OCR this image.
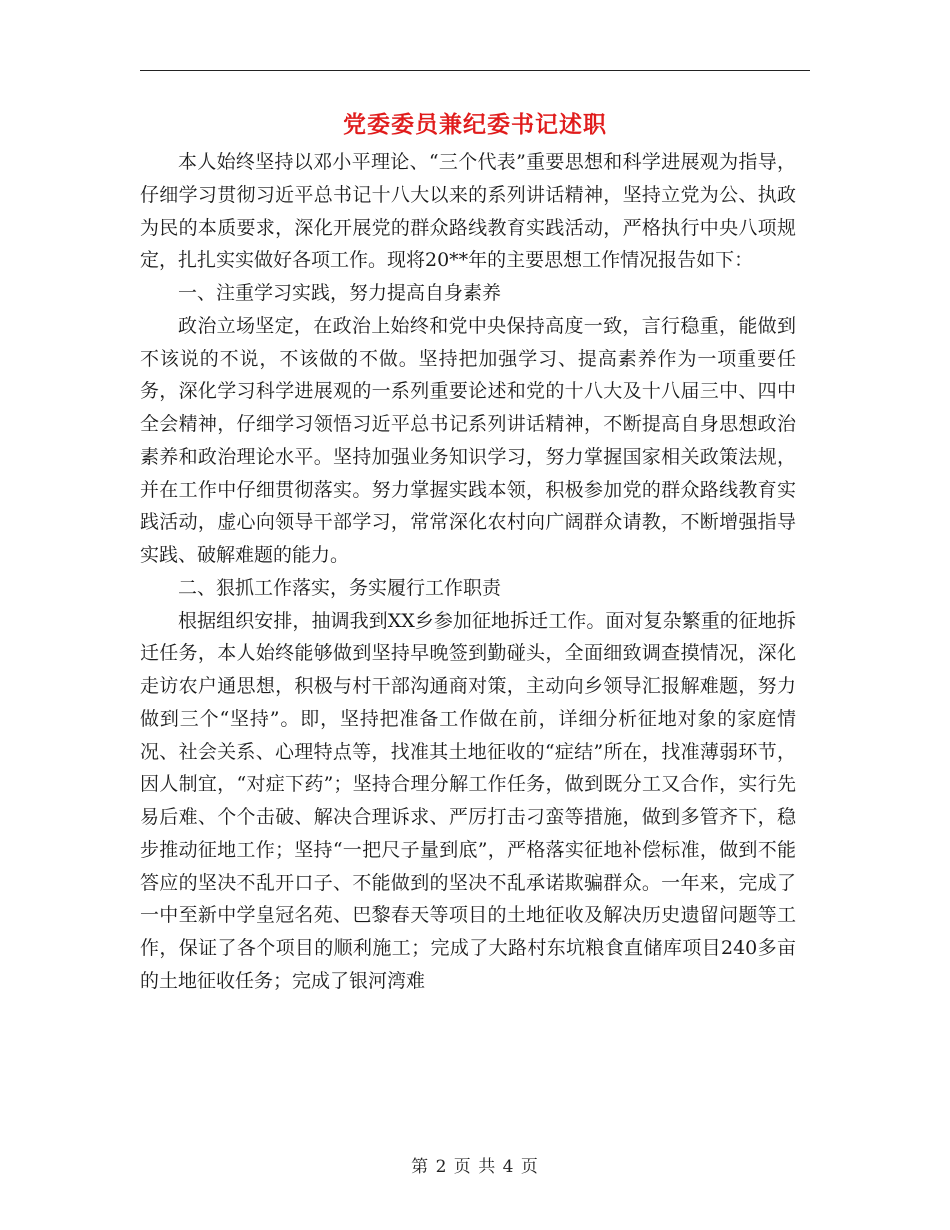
党委委员兼纪委书记述职

本人始终坚持以邓小平理论、“三个代表”重要思想和科学进展观为指导，仔细学习贯彻习近平总书记十八大以来的系列讲话精神，坚持立党为公、执政为民的本质要求，深化开展党的群众路线教育实践活动，严格执行中央八项规定，扎扎实实做好各项工作。现将20**年的主要思想工作情况报告如下：

一、注重学习实践，努力提高自身素养

政治立场坚定，在政治上始终和党中央保持高度一致，言行稳重，能做到不该说的不说，不该做的不做。坚持把加强学习、提高素养作为一项重要任务，深化学习科学进展观的一系列重要论述和党的十八大及十八届三中、四中全会精神，仔细学习领悟习近平总书记系列讲话精神，不断提高自身思想政治素养和政治理论水平。坚持加强业务知识学习，努力掌握国家相关政策法规，并在工作中仔细贯彻落实。努力掌握实践本领，积极参加党的群众路线教育实践活动，虚心向领导干部学习，常常深化农村向广阔群众请教，不断增强指导实践、破解难题的能力。

二、狠抓工作落实，务实履行工作职责

根据组织安排，抽调我到XX乡参加征地拆迁工作。面对复杂繁重的征地拆迁任务，本人始终能够做到坚持早晚签到勤碰头，全面细致调查摸情况，深化走访农户通思想，积极与村干部沟通商对策，主动向乡领导汇报解难题，努力做到三个“坚持”。即，坚持把准备工作做在前，详细分析征地对象的家庭情况、社会关系、心理特点等，找准其土地征收的“症结”所在，找准薄弱环节，因人制宜，“对症下药”；坚持合理分解工作任务，做到既分工又合作，实行先易后难、个个击破、解决合理诉求、严厉打击刁蛮等措施，做到多管齐下，稳步推动征地工作；坚持“一把尺子量到底”，严格落实征地补偿标准，做到不能答应的坚决不乱开口子、不能做到的坚决不乱承诺欺骗群众。一年来，完成了一中至新中学皇冠名苑、巴黎春天等项目的土地征收及解决历史遗留问题等工作，保证了各个项目的顺利施工；完成了大路村东坑粮食直储库项目240多亩的土地征收任务；完成了银河湾难

第 2 页 共 4 页
